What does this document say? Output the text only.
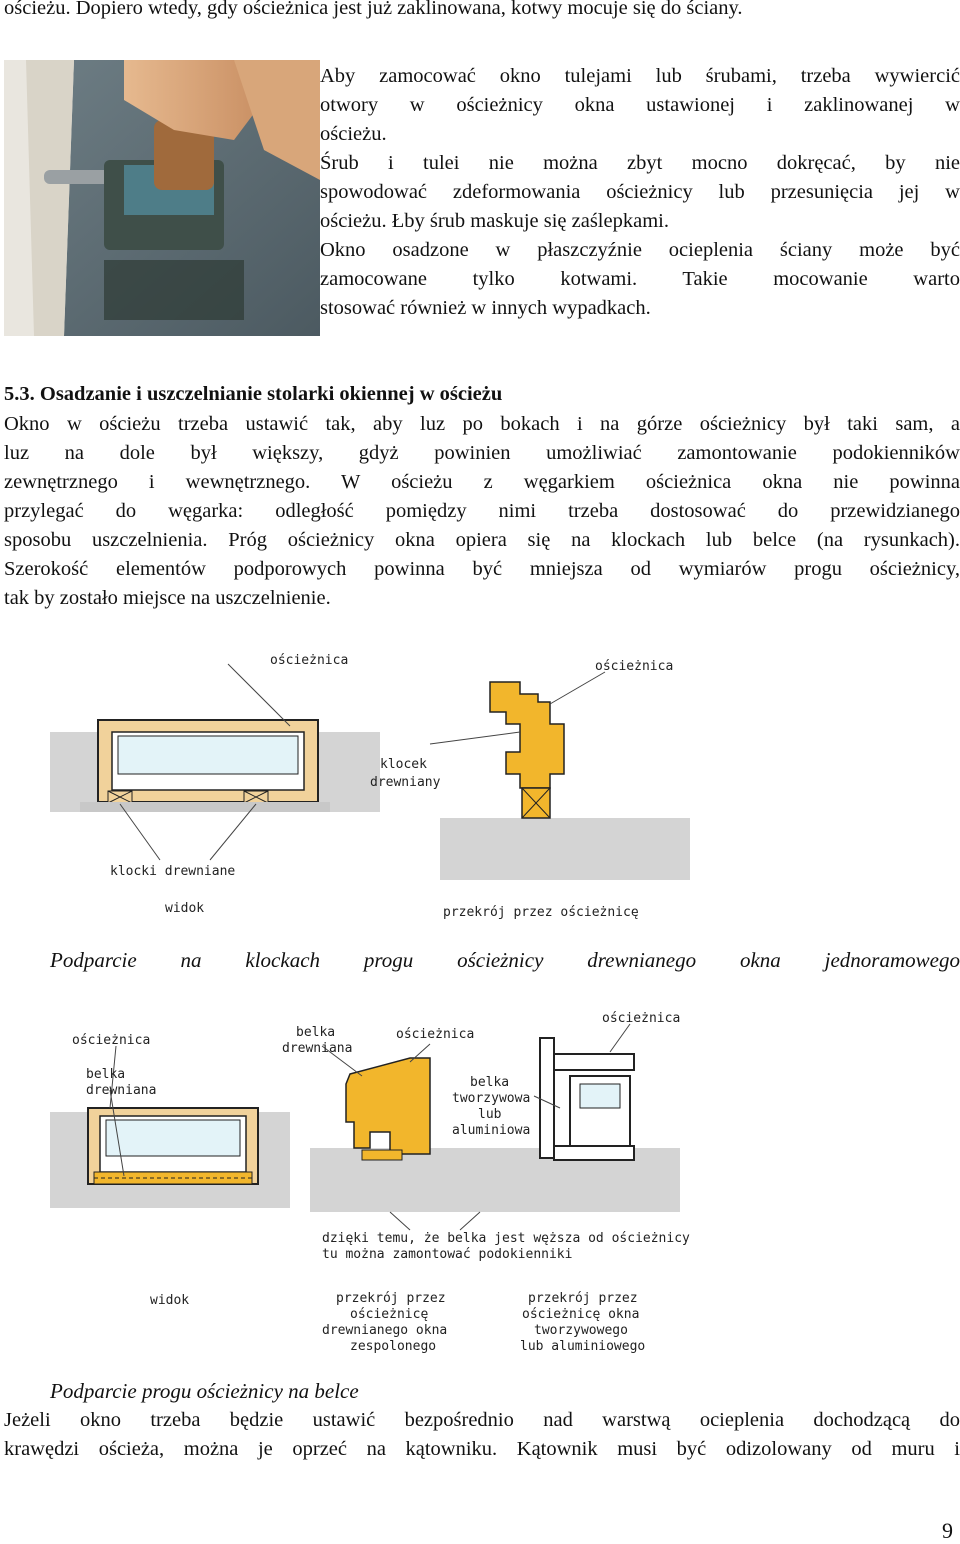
ościeżu. Dopiero wtedy, gdy ościeżnica jest już zaklinowana, kotwy mocuje się do ściany.
Aby zamocować okno tulejami lub śrubami, trzeba wywiercić
otwory w ościeżnicy okna ustawionej i zaklinowanej w
ościeżu.
Śrub i tulei nie można zbyt mocno dokręcać, by nie
spowodować zdeformowania ościeżnicy lub przesunięcia jej w
ościeżu. Łby śrub maskuje się zaślepkami.
Okno osadzone w płaszczyźnie ocieplenia ściany może być
zamocowane tylko kotwami. Takie mocowanie warto
stosować również w innych wypadkach.
5.3. Osadzanie i uszczelnianie stolarki okiennej w ościeżu
Okno w ościeżu trzeba ustawić tak, aby luz po bokach i na górze ościeżnicy był taki sam, a
luz na dole był większy, gdyż powinien umożliwiać zamontowanie podokienników
zewnętrznego i wewnętrznego. W ościeżu z węgarkiem ościeżnica okna nie powinna
przylegać do węgarka: odległość pomiędzy nimi trzeba dostosować do przewidzianego
sposobu uszczelnienia. Próg ościeżnicy okna opiera się na klockach lub belce (na rysunkach).
Szerokość elementów podporowych powinna być mniejsza od wymiarów progu ościeżnicy,
tak by zostało miejsce na uszczelnienie.
ościeżnica
klocki drewniane
widok
ościeżnica
klocek
drewniany
przekrój przez ościeżnicę
Podparcie na klockach progu ościeżnicy drewnianego okna jednoramowego
ościeżnica
belka
drewniana
widok
belka
drewniana
ościeżnica
ościeżnica
belka
tworzywowa
lub
aluminiowa
dzięki temu, że belka jest węższa od ościeżnicy,
tu można zamontować podokienniki
przekrój przez
ościeżnicę
drewnianego okna
zespolonego
przekrój przez
ościeżnicę okna
tworzywowego
lub aluminiowego
Podparcie progu ościeżnicy na belce
Jeżeli okno trzeba będzie ustawić bezpośrednio nad warstwą ocieplenia dochodzącą do
krawędzi ościeża, można je oprzeć na kątowniku. Kątownik musi być odizolowany od muru i
9
